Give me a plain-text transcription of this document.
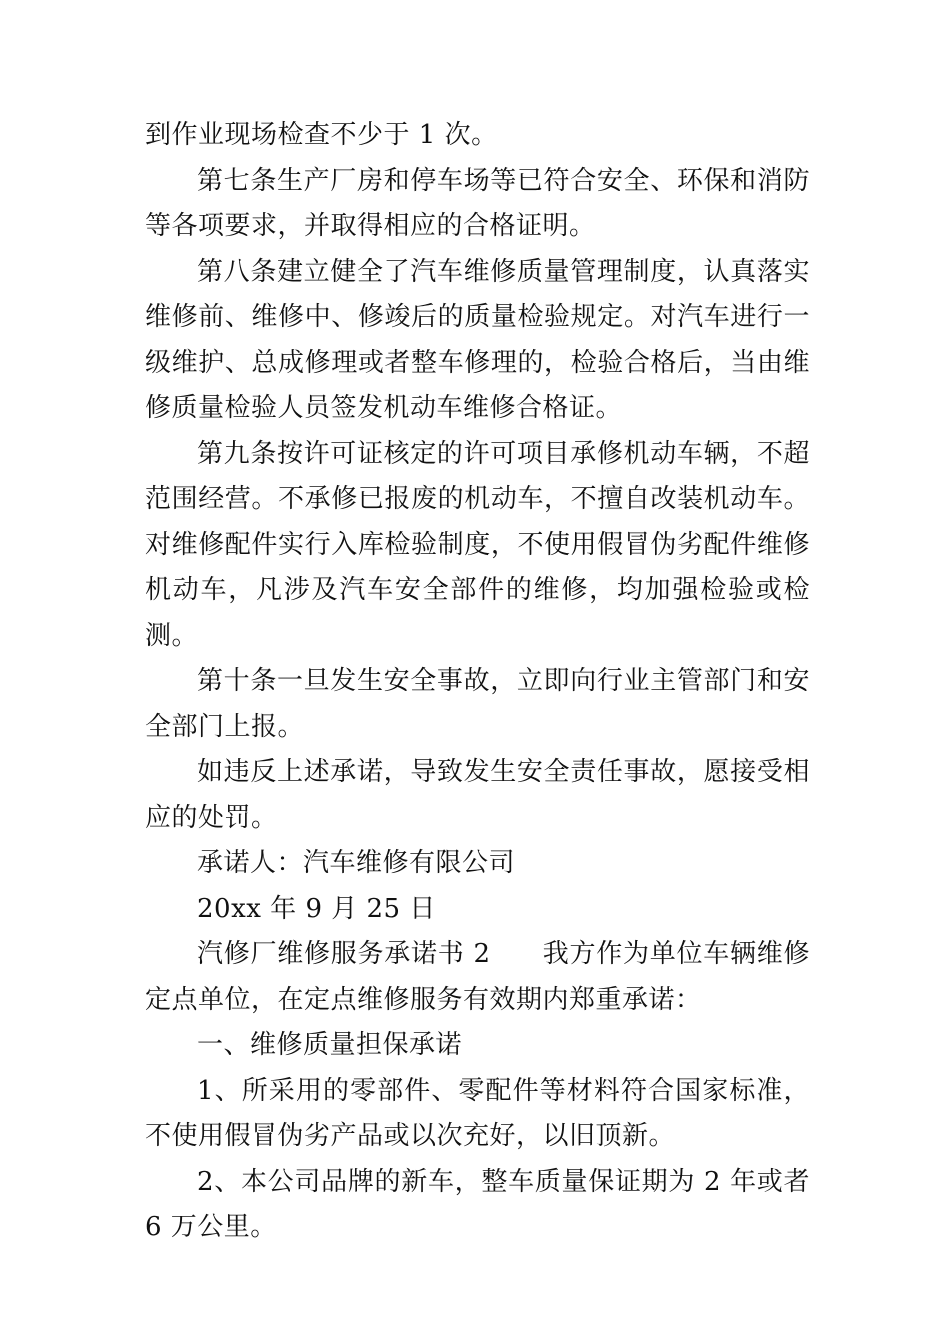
到作业现场检查不少于 1 次。

第七条生产厂房和停车场等已符合安全、环保和消防等各项要求，并取得相应的合格证明。

第八条建立健全了汽车维修质量管理制度，认真落实维修前、维修中、修竣后的质量检验规定。对汽车进行一级维护、总成修理或者整车修理的，检验合格后，当由维修质量检验人员签发机动车维修合格证。

第九条按许可证核定的许可项目承修机动车辆，不超范围经营。不承修已报废的机动车，不擅自改装机动车。对维修配件实行入库检验制度，不使用假冒伪劣配件维修机动车，凡涉及汽车安全部件的维修，均加强检验或检测。

第十条一旦发生安全事故，立即向行业主管部门和安全部门上报。

如违反上述承诺，导致发生安全责任事故，愿接受相应的处罚。

承诺人：汽车维修有限公司

20xx 年 9 月 25 日

汽修厂维修服务承诺书 2 我方作为单位车辆维修定点单位，在定点维修服务有效期内郑重承诺：

一、维修质量担保承诺

1、所采用的零部件、零配件等材料符合国家标准，不使用假冒伪劣产品或以次充好，以旧顶新。

2、本公司品牌的新车，整车质量保证期为 2 年或者 6 万公里。
